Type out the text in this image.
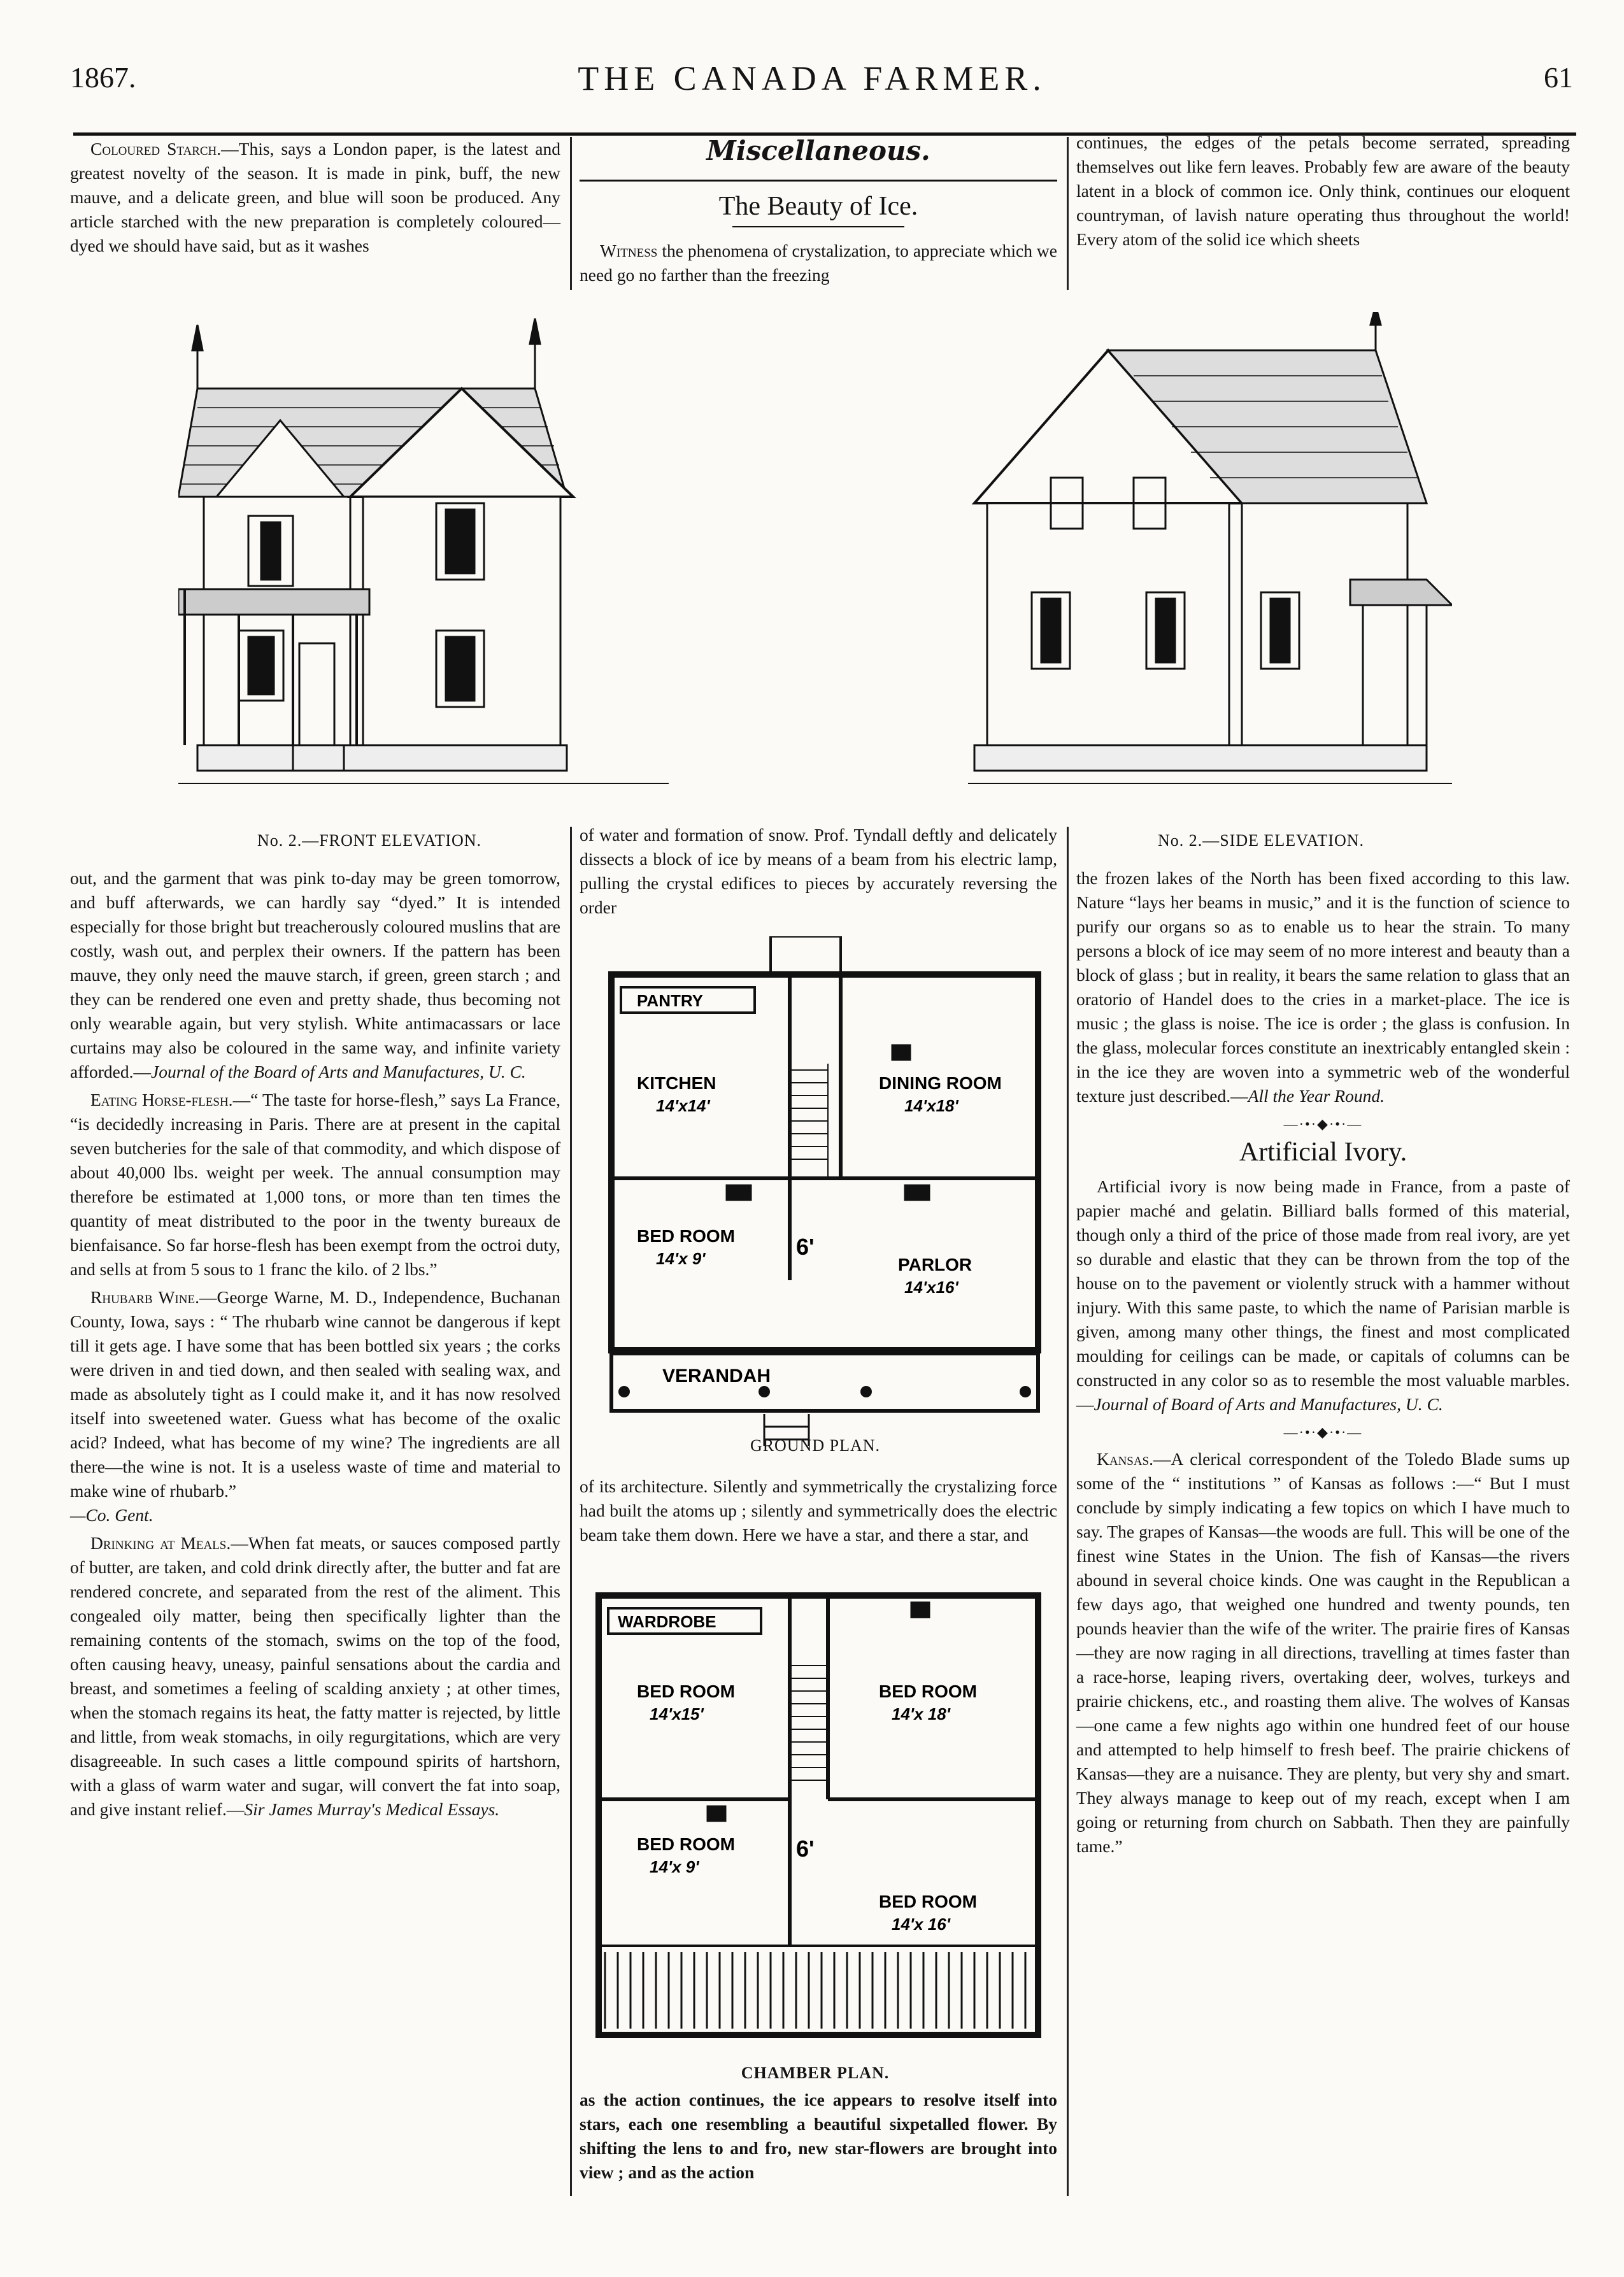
1867.	THE CANADA FARMER.	61

Coloured Starch.—This, says a London paper, is the latest and greatest novelty of the season. It is made in pink, buff, the new mauve, and a delicate green, and blue will soon be produced. Any article starched with the new preparation is completely coloured—dyed we should have said, but as it washes

out, and the garment that was pink to-day may be green tomorrow, and buff afterwards, we can hardly say “dyed.” It is intended especially for those bright but treacherously coloured muslins that are costly, wash out, and perplex their owners. If the pattern has been mauve, they only need the mauve starch, if green, green starch ; and they can be rendered one even and pretty shade, thus becoming not only wearable again, but very stylish. White antimacassars or lace curtains may also be coloured in the same way, and infinite variety afforded.—Journal of the Board of Arts and Manufactures, U. C.

Eating Horse-flesh.—“ The taste for horse-flesh,” says La France, “is decidedly increasing in Paris. There are at present in the capital seven butcheries for the sale of that commodity, and which dispose of about 40,000 lbs. weight per week. The annual consumption may therefore be estimated at 1,000 tons, or more than ten times the quantity of meat distributed to the poor in the twenty bureaux de bienfaisance. So far horse-flesh has been exempt from the octroi duty, and sells at from 5 sous to 1 franc the kilo. of 2 lbs.”

Rhubarb Wine.—George Warne, M. D., Independence, Buchanan County, Iowa, says : “ The rhubarb wine cannot be dangerous if kept till it gets age. I have some that has been bottled six years ; the corks were driven in and tied down, and then sealed with sealing wax, and made as absolutely tight as I could make it, and it has now resolved itself into sweetened water. Guess what has become of the oxalic acid? Indeed, what has become of my wine? The ingredients are all there—the wine is not. It is a useless waste of time and material to make wine of rhubarb.”
—Co. Gent.

Drinking at Meals.—When fat meats, or sauces composed partly of butter, are taken, and cold drink directly after, the butter and fat are rendered concrete, and separated from the rest of the aliment. This congealed oily matter, being then specifically lighter than the remaining contents of the stomach, swims on the top of the food, often causing heavy, uneasy, painful sensations about the cardia and breast, and sometimes a feeling of scalding anxiety ; at other times, when the stomach regains its heat, the fatty matter is rejected, by little and little, from weak stomachs, in oily regurgitations, which are very disagreeable. In such cases a little compound spirits of hartshorn, with a glass of warm water and sugar, will convert the fat into soap, and give instant relief.—Sir James Murray's Medical Essays.

Miscellaneous.
The Beauty of Ice.

Witness the phenomena of crystalization, to appreciate which we need go no farther than the freezing

of water and formation of snow. Prof. Tyndall deftly and delicately dissects a block of ice by means of a beam from his electric lamp, pulling the crystal edifices to pieces by accurately reversing the order

of its architecture. Silently and symmetrically the crystalizing force had built the atoms up ; silently and symmetrically does the electric beam take them down. Here we have a star, and there a star, and

as the action continues, the ice appears to resolve itself into stars, each one resembling a beautiful sixpetalled flower. By shifting the lens to and fro, new star-flowers are brought into view ; and as the action

continues, the edges of the petals become serrated, spreading themselves out like fern leaves. Probably few are aware of the beauty latent in a block of common ice. Only think, continues our eloquent countryman, of lavish nature operating thus throughout the world! Every atom of the solid ice which sheets

the frozen lakes of the North has been fixed according to this law. Nature “lays her beams in music,” and it is the function of science to purify our organs so as to enable us to hear the strain. To many persons a block of ice may seem of no more interest and beauty than a block of glass ; but in reality, it bears the same relation to glass that an oratorio of Handel does to the cries in a market-place. The ice is music ; the glass is noise. The ice is order ; the glass is confusion. In the glass, molecular forces constitute an inextricably entangled skein : in the ice they are woven into a symmetric web of the wonderful texture just described.—All the Year Round.

—·•·◆·•·—
Artificial Ivory.

Artificial ivory is now being made in France, from a paste of papier maché and gelatin. Billiard balls formed of this material, though only a third of the price of those made from real ivory, are yet so durable and elastic that they can be thrown from the top of the house on to the pavement or violently struck with a hammer without injury. With this same paste, to which the name of Parisian marble is given, among many other things, the finest and most complicated moulding for ceilings can be made, or capitals of columns can be constructed in any color so as to resemble the most valuable marbles.—Journal of Board of Arts and Manufactures, U. C.

—·•·◆·•·—

Kansas.—A clerical correspondent of the Toledo Blade sums up some of the “ institutions ” of Kansas as follows :—“ But I must conclude by simply indicating a few topics on which I have much to say. The grapes of Kansas—the woods are full. This will be one of the finest wine States in the Union. The fish of Kansas—the rivers abound in several choice kinds. One was caught in the Republican a few days ago, that weighed one hundred and twenty pounds, ten pounds heavier than the wife of the writer. The prairie fires of Kansas—they are now raging in all directions, travelling at times faster than a race-horse, leaping rivers, overtaking deer, wolves, turkeys and prairie chickens, etc., and roasting them alive. The wolves of Kansas—one came a few nights ago within one hundred feet of our house and attempted to help himself to fresh beef. The prairie chickens of Kansas—they are a nuisance. They are plenty, but very shy and smart. They always manage to keep out of my reach, except when I am going or returning from church on Sabbath. Then they are painfully tame.”

No. 2.—FRONT ELEVATION.	No. 2.—SIDE ELEVATION.
PANTRY
KITCHEN
14'x14'
DINING ROOM
14'x18'
BED ROOM
14'x 9'	6'
PARLOR
14'x16'
VERANDAH
GROUND PLAN.
WARDROBE
BED ROOM
14'x15'
BED ROOM
14'x 18'
BED ROOM
14'x 9'
6'
BED ROOM
14'x 16'
CHAMBER PLAN.
